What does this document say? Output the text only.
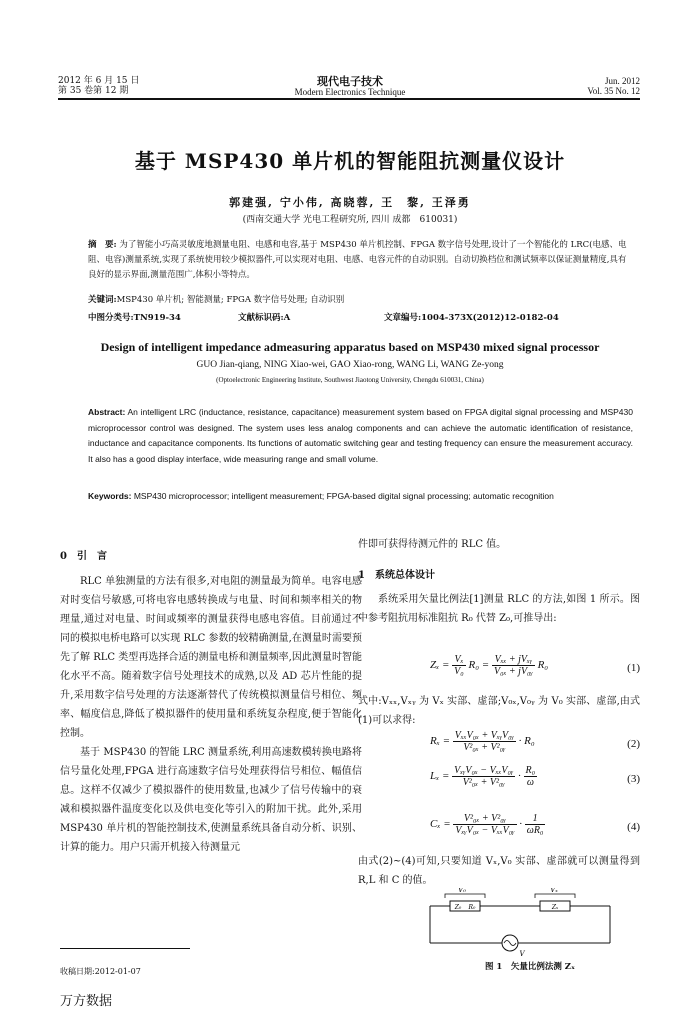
2012 年 6 月 15 日
第 35 卷第 12 期
现代电子技术
Modern Electronics Technique
Jun. 2012
Vol. 35 No. 12
基于 MSP430 单片机的智能阻抗测量仪设计
郭建强, 宁小伟, 高晓蓉, 王　黎, 王泽勇
(西南交通大学 光电工程研究所, 四川 成都　610031)
摘　要: 为了智能小巧高灵敏度地测量电阻、电感和电容,基于 MSP430 单片机控制、FPGA 数字信号处理,设计了一个智能化的 LRC(电感、电阻、电容)测量系统,实现了系统使用较少模拟器件,可以实现对电阻、电感、电容元件的自动识别。自动切换档位和测试频率以保证测量精度,具有良好的显示界面,测量范围广,体积小等特点。
关键词:MSP430 单片机; 智能测量; FPGA 数字信号处理; 自动识别
中图分类号:TN919-34	文献标识码:A	文章编号:1004-373X(2012)12-0182-04
Design of intelligent impedance admeasuring apparatus based on MSP430 mixed signal processor
GUO Jian-qiang, NING Xiao-wei, GAO Xiao-rong, WANG Li, WANG Ze-yong
(Optoelectronic Engineering Institute, Southwest Jiaotong University, Chengdu 610031, China)
Abstract: An intelligent LRC (inductance, resistance, capacitance) measurement system based on FPGA digital signal processing and MSP430 microprocessor control was designed. The system uses less analog components and can achieve the automatic identification of resistance, inductance and capacitance components. Its functions of automatic switching gear and testing frequency can ensure the measurement accuracy. It also has a good display interface, wide measuring range and small volume.
Keywords: MSP430 microprocessor; intelligent measurement; FPGA-based digital signal processing; automatic recognition
0　引　言

RLC 单独测量的方法有很多,对电阻的测量最为简单。电容电感对时变信号敏感,可将电容电感转换成与电量、时间和频率相关的物理量,通过对电量、时间或频率的测量获得电感电容值。目前通过不同的模拟电桥电路可以实现 RLC 参数的较精确测量,在测量时需要预先了解 RLC 类型再选择合适的测量电桥和测量频率,因此测量时智能化水平不高。随着数字信号处理技术的成熟,以及 AD 芯片性能的提升,采用数字信号处理的方法逐渐替代了传统模拟测量信号相位、频率、幅度信息,降低了模拟器件的使用量和系统复杂程度,便于智能化控制。

基于 MSP430 的智能 LRC 测量系统,利用高速数模转换电路将信号量化处理,FPGA 进行高速数字信号处理获得信号相位、幅值信息。这样不仅减少了模拟器件的使用数量,也减少了信号传输中的衰减和模拟器件温度变化以及供电变化等引入的附加干扰。此外,采用 MSP430 单片机的智能控制技术,使测量系统具备自动分析、识别、计算的能力。用户只需开机接入待测量元

件即可获得待测元件的 RLC 值。
1　系统总体设计
系统采用矢量比例法[1]测量 RLC 的方法,如图 1 所示。图中参考阻抗用标准阻抗 R₀ 代替 Z₀,可推导出:
$Z_x = \frac{\text{Vₓ}}{\text{V₀}} R_0 = \frac{\text{Vₓₓ + jVₓᵧ}}{\text{V₀ₓ + jV₀ᵧ}} R_0$	(1)
式中:Vₓₓ,Vₓᵧ 为 Vₓ 实部、虚部;V₀ₓ,V₀ᵧ 为 V₀ 实部、虚部,由式(1)可以求得:
$R_x = \frac{\text{VₓₓV₀ₓ + VₓᵧV₀ᵧ}}{\text{V²₀ₓ + V²₀ᵧ}} \cdot R_0$	(2)
$L_x = \frac{\text{VₓᵧV₀ₓ − VₓₓV₀ᵧ}}{\text{V²₀ₓ + V²₀ᵧ}} \cdot \frac{\text{R₀}}{\omega}$	(3)
$C_x = \frac{\text{V²₀ₓ + V²₀ᵧ}}{\text{VₓᵧV₀ₓ − VₓₓV₀ᵧ}} \cdot \frac{1}{\text{ωR₀}}$	(4)
由式(2)~(4)可知,只要知道 Vₓ,V₀ 实部、虚部就可以测量得到 R,L 和 C 的值。
V₀	Vₓ
Z₀ R₀	Zₓ
V
图 1　矢量比例法测 Zₓ
收稿日期:2012-01-07
万方数据
